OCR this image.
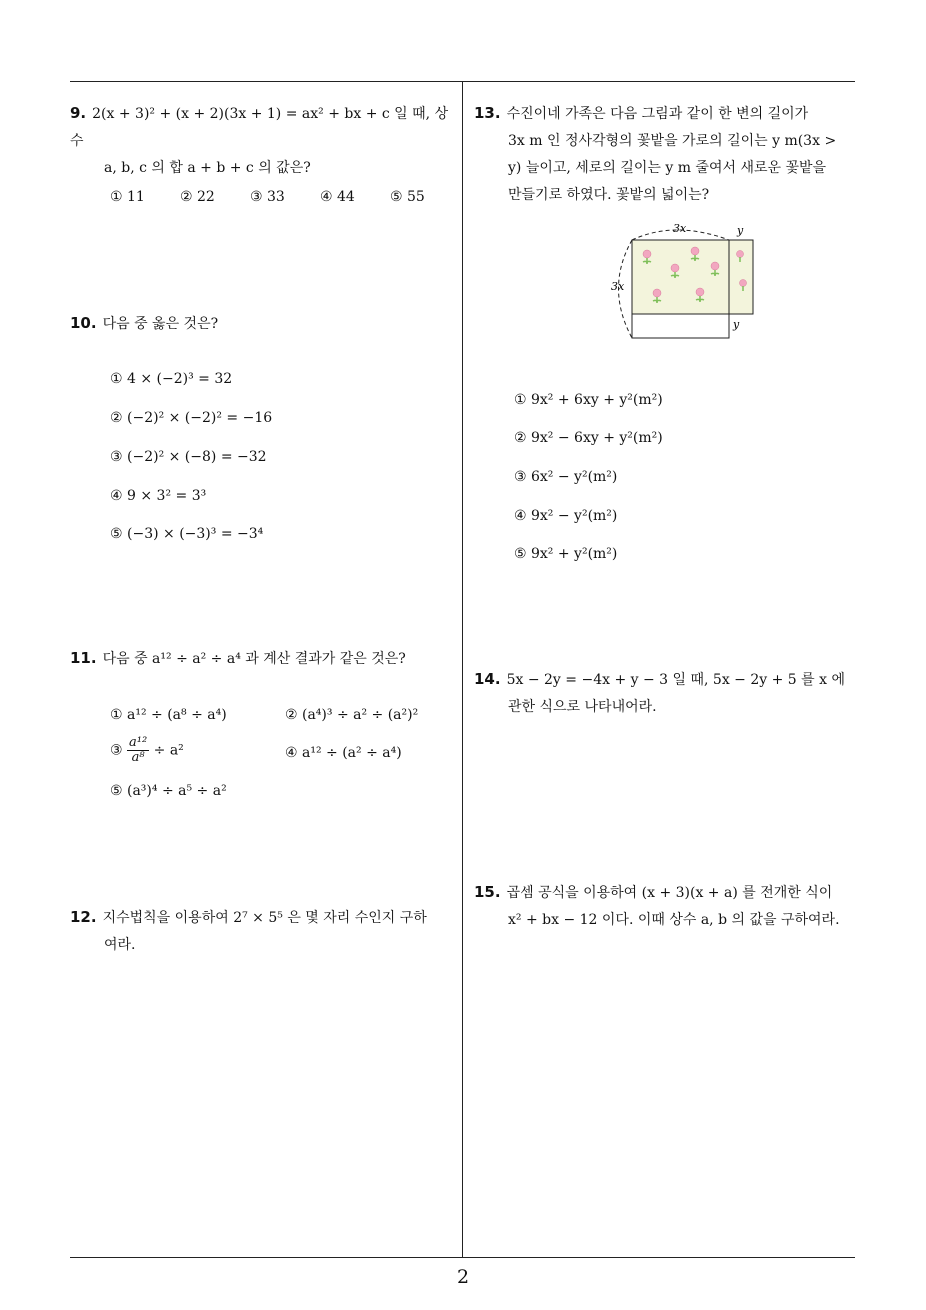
9. 2(x + 3)² + (x + 2)(3x + 1) = ax² + bx + c 일 때, 상수
a, b, c 의 합 a + b + c 의 값은?
① 11	② 22	③ 33	④ 44	⑤ 55
10. 다음 중 옳은 것은?
① 4 × (−2)³ = 32
② (−2)² × (−2)² = −16
③ (−2)² × (−8) = −32
④ 9 × 3² = 3³
⑤ (−3) × (−3)³ = −3⁴
11. 다음 중 a¹² ÷ a² ÷ a⁴ 과 계산 결과가 같은 것은?
① a¹² ÷ (a⁸ ÷ a⁴)	② (a⁴)³ ÷ a² ÷ (a²)²
③ $\frac{\text{a¹²}}{\text{a⁸}} \div a^2$	④ a¹² ÷ (a² ÷ a⁴)
⑤ (a³)⁴ ÷ a⁵ ÷ a²
12. 지수법칙을 이용하여 2⁷ × 5⁵ 은 몇 자리 수인지 구하
여라.
13. 수진이네 가족은 다음 그림과 같이 한 변의 길이가
3x m 인 정사각형의 꽃밭을 가로의 길이는 y m(3x >
y) 늘이고, 세로의 길이는 y m 줄여서 새로운 꽃밭을
만들기로 하였다. 꽃밭의 넓이는?
3x
3x
y
y
① 9x² + 6xy + y²(m²)
② 9x² − 6xy + y²(m²)
③ 6x² − y²(m²)
④ 9x² − y²(m²)
⑤ 9x² + y²(m²)
14. 5x − 2y = −4x + y − 3 일 때, 5x − 2y + 5 를 x 에
관한 식으로 나타내어라.
15. 곱셈 공식을 이용하여 (x + 3)(x + a) 를 전개한 식이
x² + bx − 12 이다. 이때 상수 a, b 의 값을 구하여라.
2
